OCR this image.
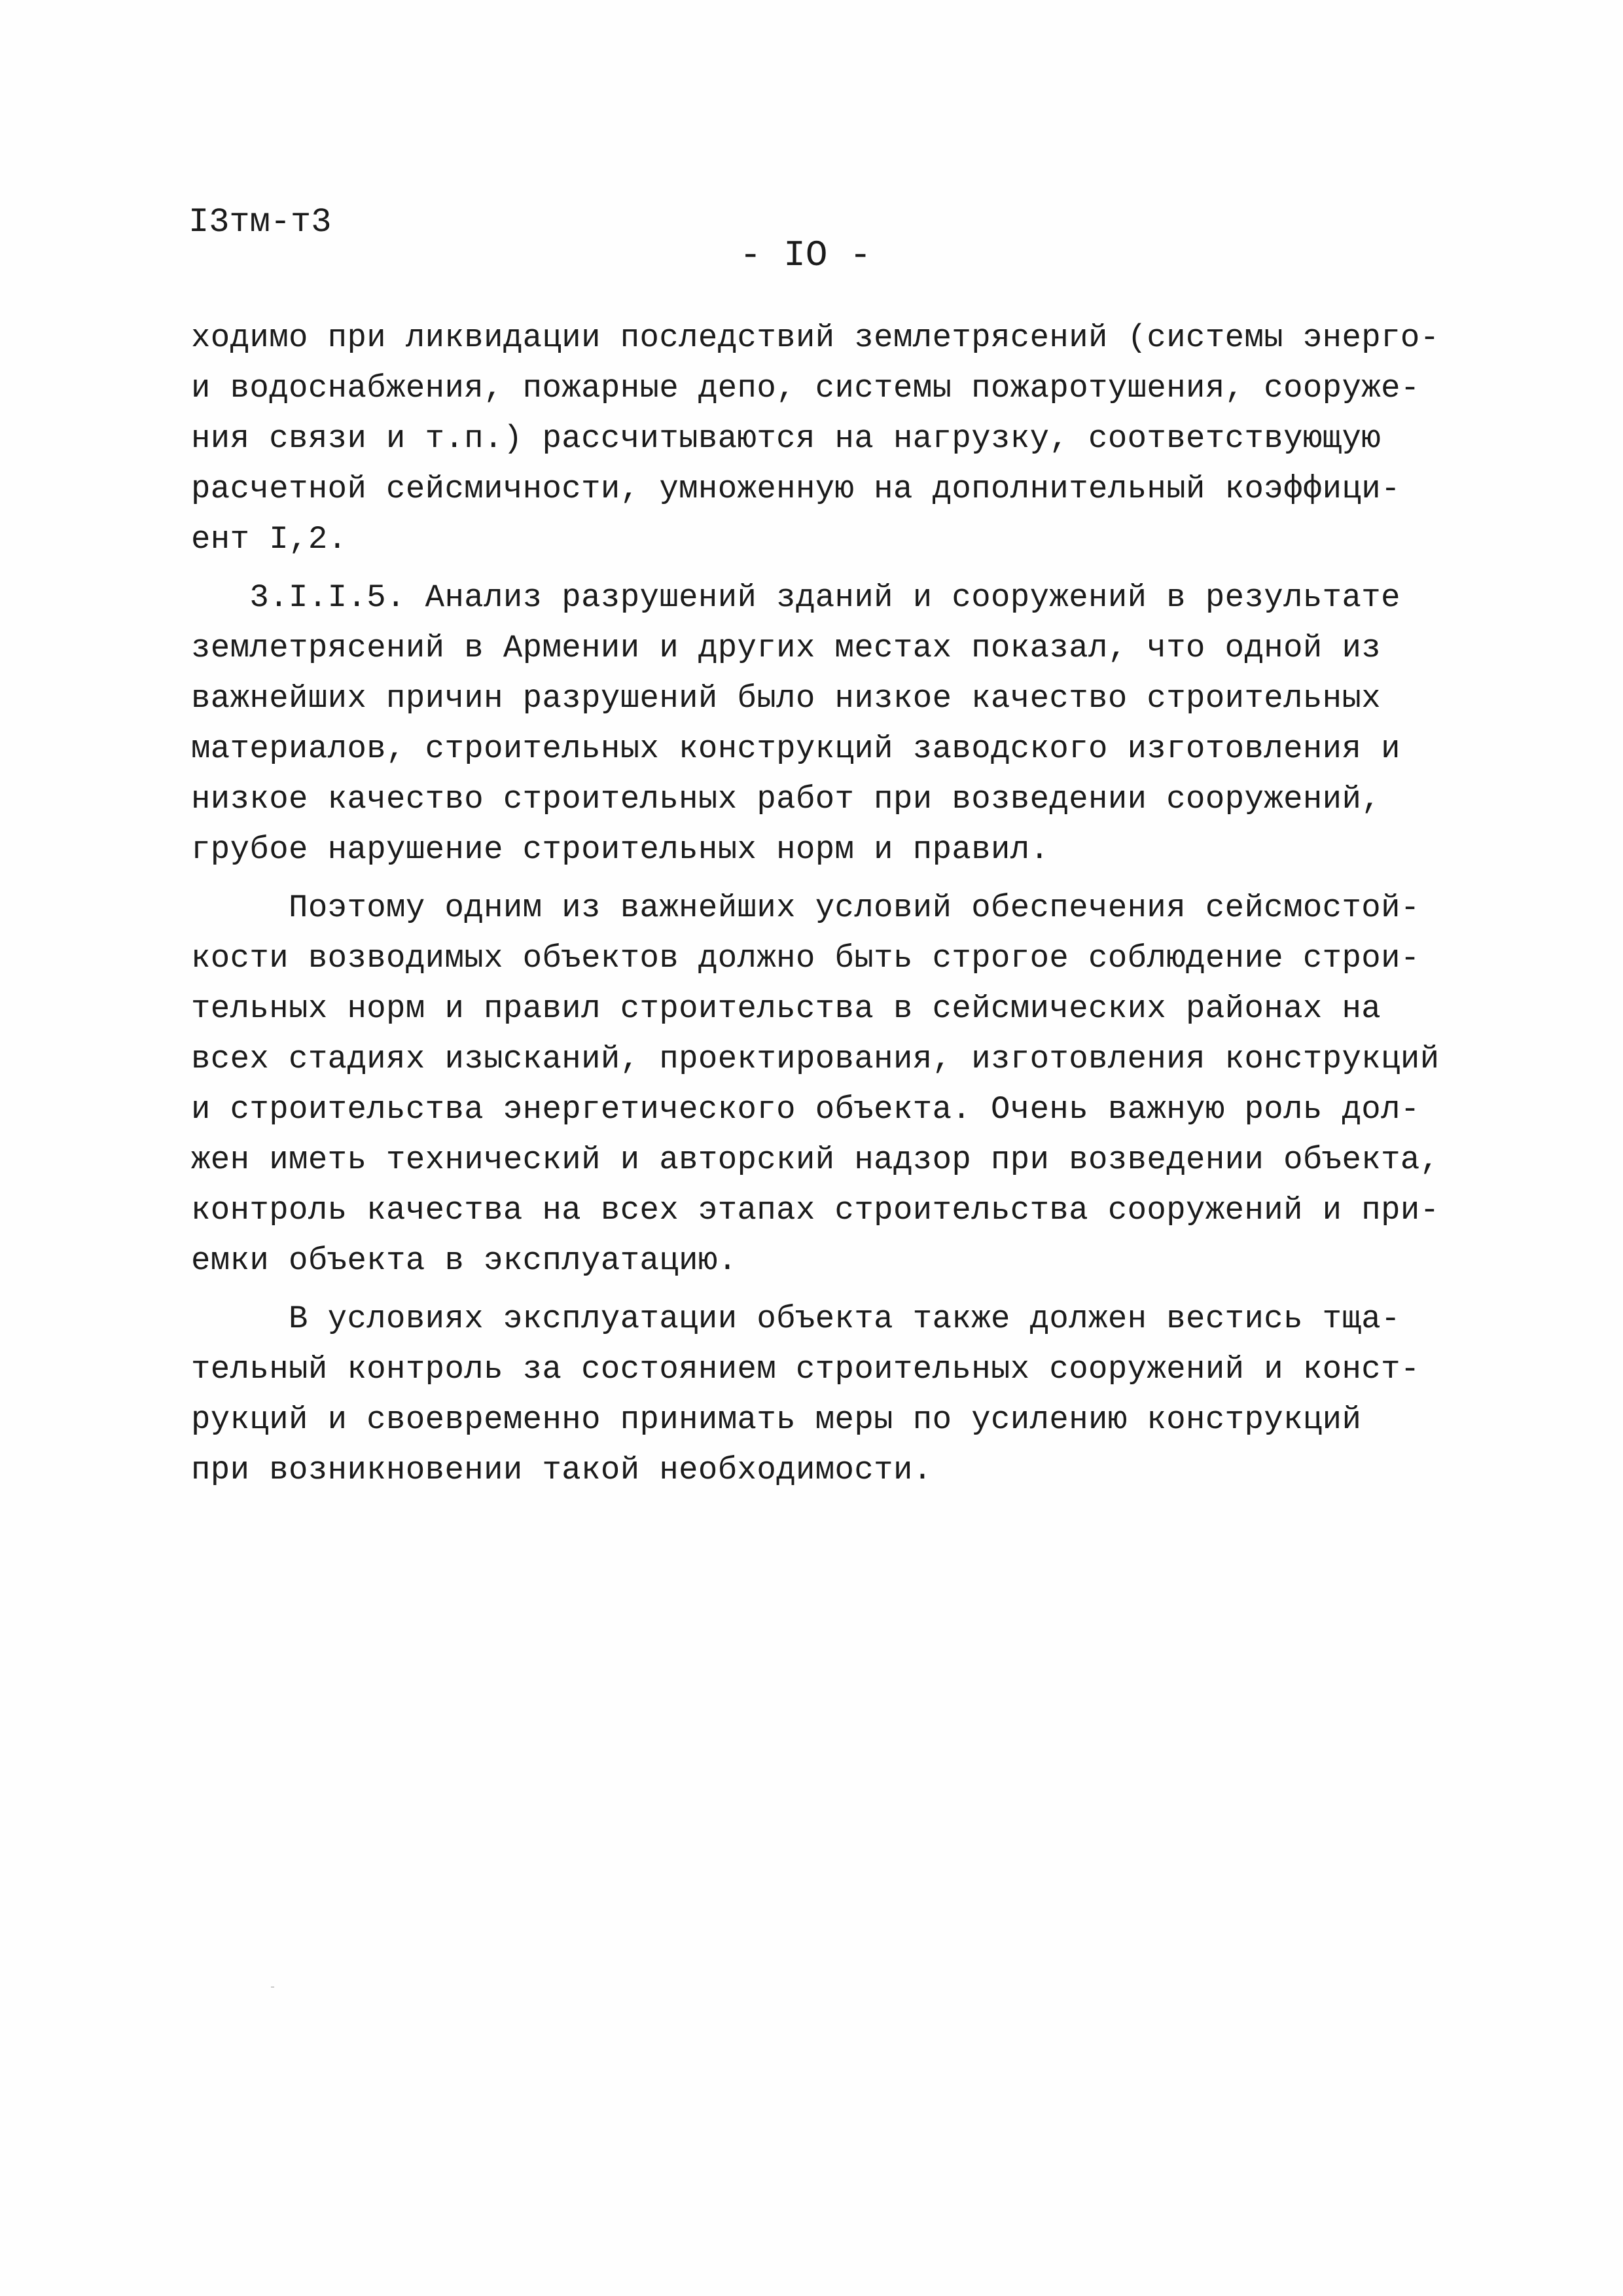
I3тм-т3
- IO -
ходимо при ликвидации последствий землетрясений (системы энерго-
и водоснабжения, пожарные депо, системы пожаротушения, сооруже-
ния связи и т.п.) рассчитываются на нагрузку, соответствующую
расчетной сейсмичности, умноженную на дополнительный коэффици-
ент I,2.
3.I.I.5. Анализ разрушений зданий и сооружений в результате
землетрясений в Армении и других местах показал, что одной из
важнейших причин разрушений было низкое качество строительных
материалов, строительных конструкций заводского изготовления и
низкое качество строительных работ при возведении сооружений,
грубое нарушение строительных норм и правил.
Поэтому одним из важнейших условий обеспечения сейсмостой-
кости возводимых объектов должно быть строгое соблюдение строи-
тельных норм и правил строительства в сейсмических районах на
всех стадиях изысканий, проектирования, изготовления конструкций
и строительства энергетического объекта. Очень важную роль дол-
жен иметь технический и авторский надзор при возведении объекта,
контроль качества на всех этапах строительства сооружений и при-
емки объекта в эксплуатацию.
В условиях эксплуатации объекта также должен вестись тща-
тельный контроль за состоянием строительных сооружений и конст-
рукций и своевременно принимать меры по усилению конструкций
при возникновении такой необходимости.
